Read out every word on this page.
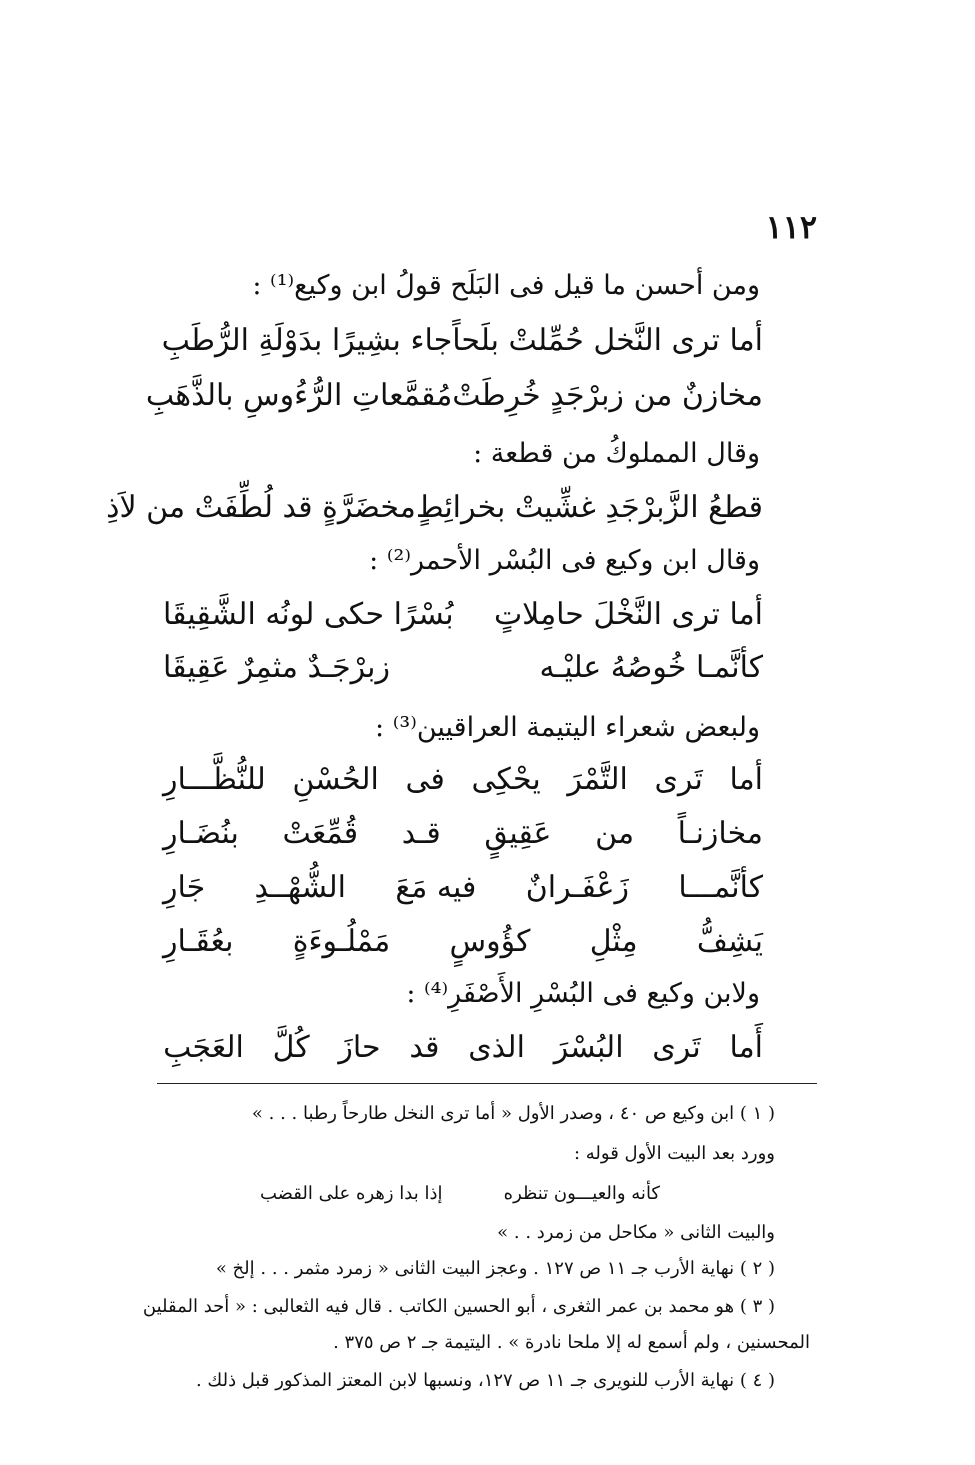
١١٢
ومن أحسن ما قيل فى البَلَح قولُ ابن وكيع⁽¹⁾ :
أما ترى النَّخل حُمِّلتْ بلَحاً
جاء بشِيرًا بدَوْلَةِ الرُّطَبِ
مخازنٌ من زبرْجَدٍ خُرِطَتْ
مُقمَّعاتِ الرُّءُوسِ بالذَّهَبِ
وقال المملوكُ من قطعة :
قطعُ الزَّبرْجَدِ غشِّيتْ بخرائِطٍ
مخضَرَّةٍ قد لُطِّفَتْ من لاَذِ
وقال ابن وكيع فى البُسْر الأحمر⁽²⁾ :
أما ترى النَّخْلَ حامِلاتٍ
بُسْرًا حكى لونُه الشَّقِيقَا
كأنَّمـا خُوصُهُ عليْـه
زبرْجَـدٌ مثمِرٌ عَقِيقَا
ولبعض شعراء اليتيمة العراقيين⁽³⁾ :
أما
تَرى
التَّمْرَ
يحْكِى
فى
الحُسْنِ
للنُّظَّـــارِ
مخازنـاً
من
عَقِيقٍ
قـد
قُمِّعَتْ
بنُضَـارِ
كأنَّمـــا
زَعْفَـرانٌ
فيه مَعَ
الشُّهْــدِ
جَارِ
يَشِفُّ
مِثْلِ
كؤُوسٍ
مَمْلُـوءَةٍ
بعُقَـارِ
ولابن وكيع فى البُسْرِ الأَصْفَرِ⁽⁴⁾ :
أَما
تَرى
البُسْرَ
الذى
قد
حازَ
كُلَّ
العَجَبِ
( ١ ) ابن وكيع ص ٤٠ ، وصدر الأول « أما ترى النخل طارحاً رطبا . . . »
وورد بعد البيت الأول قوله :
كأنه والعيـــون تنظره
إذا بدا زهره على القضب
والبيت الثانى « مكاحل من زمرد . . »
( ٢ ) نهاية الأرب جـ ١١ ص ١٢٧ . وعجز البيت الثانى « زمرد مثمر . . . إلخ »
( ٣ ) هو محمد بن عمر الثغرى ، أبو الحسين الكاتب . قال فيه الثعالبى : « أحد المقلين
المحسنين ، ولم أسمع له إلا ملحا نادرة » . اليتيمة جـ ٢ ص ٣٧٥ .
( ٤ ) نهاية الأرب للنويرى جـ ١١ ص ١٢٧، ونسبها لابن المعتز المذكور قبل ذلك .
